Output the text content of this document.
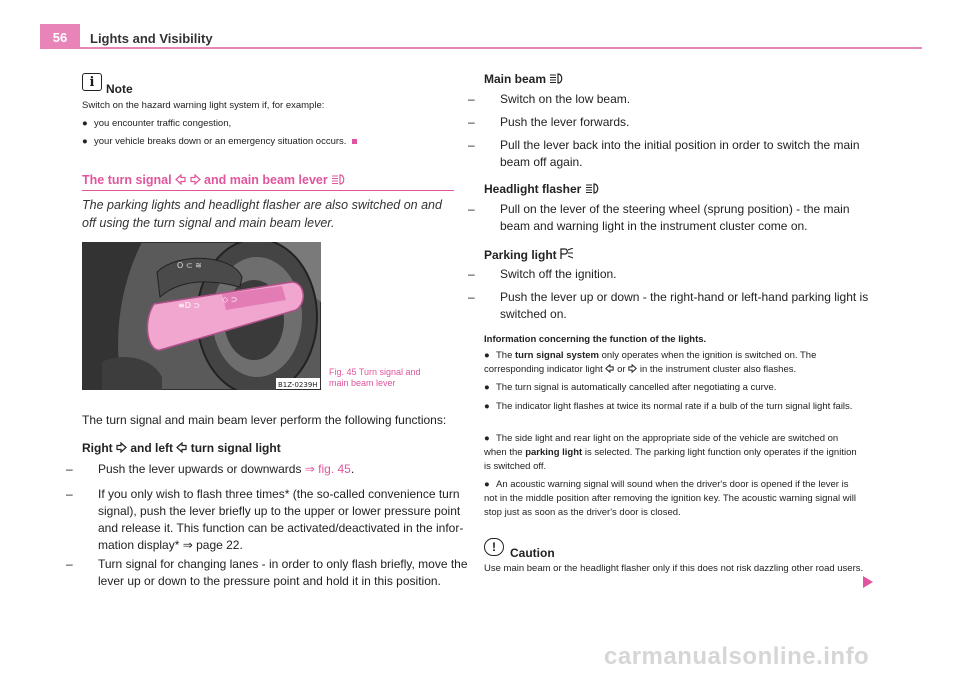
56	Lights and Visibility
i Note
Switch on the hazard warning light system if, for example:
● you encounter traffic congestion,
● your vehicle breaks down or an emergency situation occurs.
The turn signal	and main beam lever
The parking lights and headlight flasher are also switched on and off using the turn signal and main beam lever.
≡D ⊃
◇ ⊃
O ⊂ ≋
B1Z-0239H
Fig. 45 Turn signal and
main beam lever
The turn signal and main beam lever perform the following functions:
Right and left turn signal light
– Push the lever upwards or downwards ⇒ fig. 45.
– If you only wish to flash three times* (the so-called convenience turn signal), push the lever briefly up to the upper or lower pressure point and release it. This function can be activated/deactivated in the infor- mation display* ⇒ page 22.
– Turn signal for changing lanes - in order to only flash briefly, move the lever up or down to the pressure point and hold it in this position.
Main beam
– Switch on the low beam.
– Push the lever forwards.
– Pull the lever back into the initial position in order to switch the main beam off again.
Headlight flasher
– Pull on the lever of the steering wheel (sprung position) - the main beam and warning light in the instrument cluster come on.
Parking light
– Switch off the ignition.
– Push the lever up or down - the right-hand or left-hand parking light is switched on.
Information concerning the function of the lights.
● The turn signal system only operates when the ignition is switched on. The corresponding indicator light or in the instrument cluster also flashes.
● The turn signal is automatically cancelled after negotiating a curve.
● The indicator light flashes at twice its normal rate if a bulb of the turn signal light fails.
● The side light and rear light on the appropriate side of the vehicle are switched on when the parking light is selected. The parking light function only operates if the ignition is switched off.
● An acoustic warning signal will sound when the driver's door is opened if the lever is not in the middle position after removing the ignition key. The acoustic warning signal will stop just as soon as the driver's door is closed.
!	Caution
Use main beam or the headlight flasher only if this does not risk dazzling other road users.
carmanualsonline.info
